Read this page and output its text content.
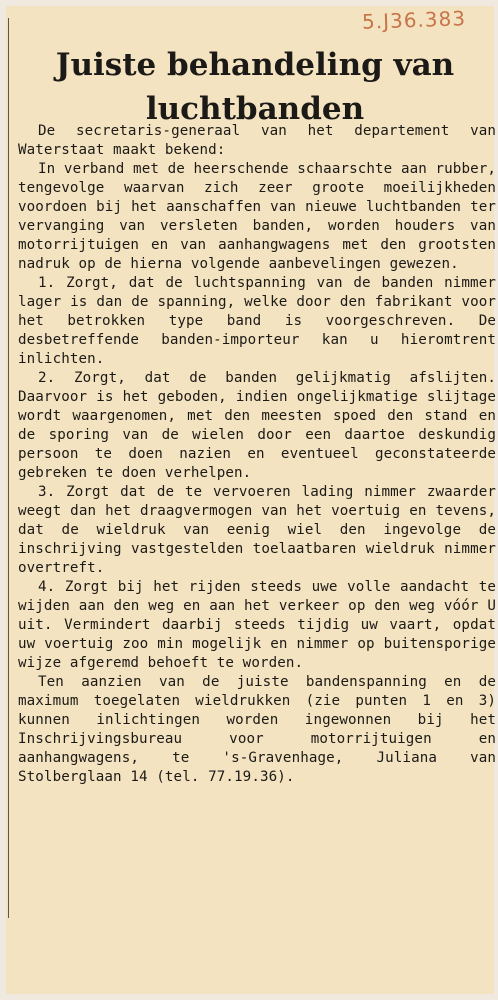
5.J36.383
Juiste behandeling van luchtbanden

De secretaris-generaal van het departement van Waterstaat maakt bekend:

In verband met de heerschende schaarschte aan rubber, tengevolge waarvan zich zeer groote moeilijkheden voordoen bij het aanschaffen van nieuwe luchtbanden ter vervanging van versleten banden, worden houders van motorrijtuigen en van aanhangwagens met den grootsten nadruk op de hierna volgende aanbevelingen gewezen.

1. Zorgt, dat de luchtspanning van de banden nimmer lager is dan de spanning, welke door den fabrikant voor het betrokken type band is voorgeschreven. De desbetreffende banden-importeur kan u hieromtrent inlichten.

2. Zorgt, dat de banden gelijkmatig afslijten. Daarvoor is het geboden, indien ongelijkmatige slijtage wordt waargenomen, met den meesten spoed den stand en de sporing van de wielen door een daartoe deskundig persoon te doen nazien en eventueel geconstateerde gebreken te doen verhelpen.

3. Zorgt dat de te vervoeren lading nimmer zwaarder weegt dan het draagvermogen van het voertuig en tevens, dat de wieldruk van eenig wiel den ingevolge de inschrijving vastgestelden toelaatbaren wieldruk nimmer overtreft.

4. Zorgt bij het rijden steeds uwe volle aandacht te wijden aan den weg en aan het verkeer op den weg vóór U uit. Vermindert daarbij steeds tijdig uw vaart, opdat uw voertuig zoo min mogelijk en nimmer op buitensporige wijze afgeremd behoeft te worden.

Ten aanzien van de juiste bandenspanning en de maximum toegelaten wieldrukken (zie punten 1 en 3) kunnen inlichtingen worden ingewonnen bij het Inschrijvingsbureau voor motorrijtuigen en aanhangwagens, te 's-Gravenhage, Juliana van Stolberglaan 14 (tel. 77.19.36).
